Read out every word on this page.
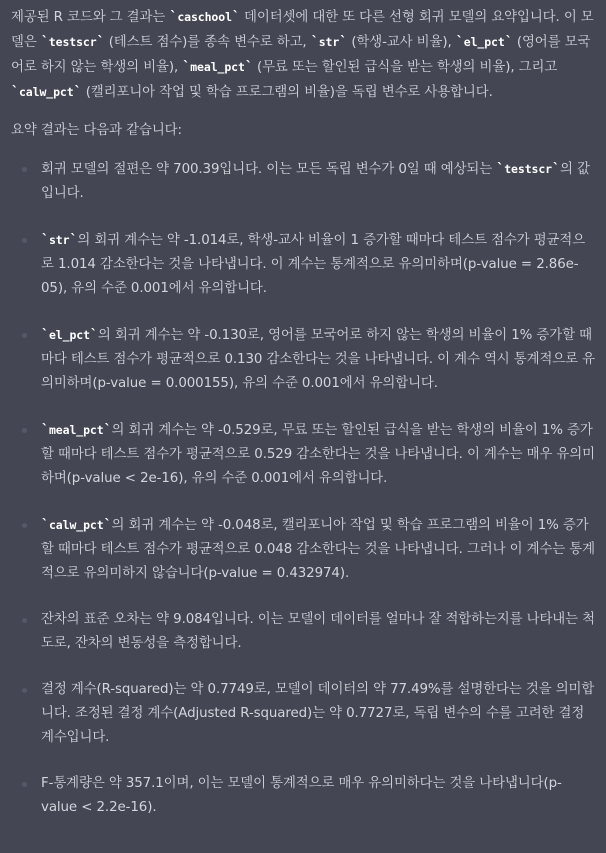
제공된 R 코드와 그 결과는 `caschool` 데이터셋에 대한 또 다른 선형 회귀 모델의 요약입니다. 이 모델은 `testscr` (테스트 점수)를 종속 변수로 하고, `str` (학생-교사 비율), `el_pct` (영어를 모국어로 하지 않는 학생의 비율), `meal_pct` (무료 또는 할인된 급식을 받는 학생의 비율), 그리고 `calw_pct` (캘리포니아 작업 및 학습 프로그램의 비율)을 독립 변수로 사용합니다.

요약 결과는 다음과 같습니다:

회귀 모델의 절편은 약 700.39입니다. 이는 모든 독립 변수가 0일 때 예상되는 `testscr`의 값입니다.
`str`의 회귀 계수는 약 -1.014로, 학생-교사 비율이 1 증가할 때마다 테스트 점수가 평균적으로 1.014 감소한다는 것을 나타냅니다. 이 계수는 통계적으로 유의미하며(p-value = 2.86e-05), 유의 수준 0.001에서 유의합니다.
`el_pct`의 회귀 계수는 약 -0.130로, 영어를 모국어로 하지 않는 학생의 비율이 1% 증가할 때마다 테스트 점수가 평균적으로 0.130 감소한다는 것을 나타냅니다. 이 계수 역시 통계적으로 유의미하며(p-value = 0.000155), 유의 수준 0.001에서 유의합니다.
`meal_pct`의 회귀 계수는 약 -0.529로, 무료 또는 할인된 급식을 받는 학생의 비율이 1% 증가할 때마다 테스트 점수가 평균적으로 0.529 감소한다는 것을 나타냅니다. 이 계수는 매우 유의미하며(p-value < 2e-16), 유의 수준 0.001에서 유의합니다.
`calw_pct`의 회귀 계수는 약 -0.048로, 캘리포니아 작업 및 학습 프로그램의 비율이 1% 증가할 때마다 테스트 점수가 평균적으로 0.048 감소한다는 것을 나타냅니다. 그러나 이 계수는 통계적으로 유의미하지 않습니다(p-value = 0.432974).
잔차의 표준 오차는 약 9.084입니다. 이는 모델이 데이터를 얼마나 잘 적합하는지를 나타내는 척도로, 잔차의 변동성을 측정합니다.
결정 계수(R-squared)는 약 0.7749로, 모델이 데이터의 약 77.49%를 설명한다는 것을 의미합니다. 조정된 결정 계수(Adjusted R-squared)는 약 0.7727로, 독립 변수의 수를 고려한 결정 계수입니다.
F-통계량은 약 357.1이며, 이는 모델이 통계적으로 매우 유의미하다는 것을 나타냅니다(p-value < 2.2e-16).
